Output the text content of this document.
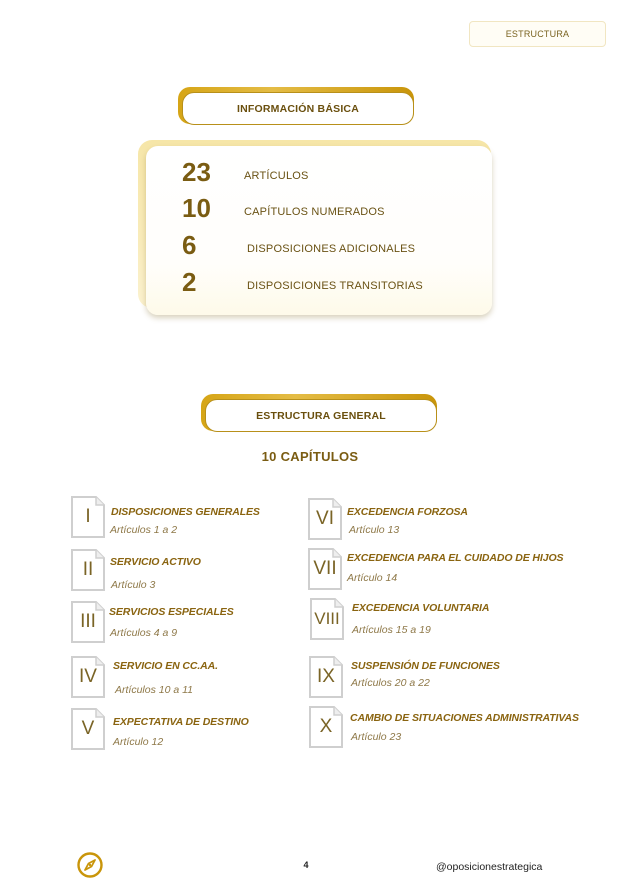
ESTRUCTURA
INFORMACIÓN BÁSICA
23	ARTÍCULOS
10	CAPÍTULOS NUMERADOS
6	DISPOSICIONES ADICIONALES
2	DISPOSICIONES TRANSITORIAS
ESTRUCTURA GENERAL
10 CAPÍTULOS
I	DISPOSICIONES GENERALES
Artículos 1 a 2
II	SERVICIO ACTIVO
Artículo 3
III	SERVICIOS ESPECIALES
Artículos 4 a 9
IV	SERVICIO EN CC.AA.
Artículos 10 a 11
V	EXPECTATIVA DE DESTINO
Artículo 12
VI	EXCEDENCIA FORZOSA
Artículo 13
VII EXCEDENCIA PARA EL CUIDADO DE HIJOS
Artículo 14
VIII
EXCEDENCIA VOLUNTARIA
Artículos 15 a 19
IX	SUSPENSIÓN DE FUNCIONES
Artículos 20 a 22
X	CAMBIO DE SITUACIONES ADMINISTRATIVAS
Artículo 23
4	@oposicionestrategica
